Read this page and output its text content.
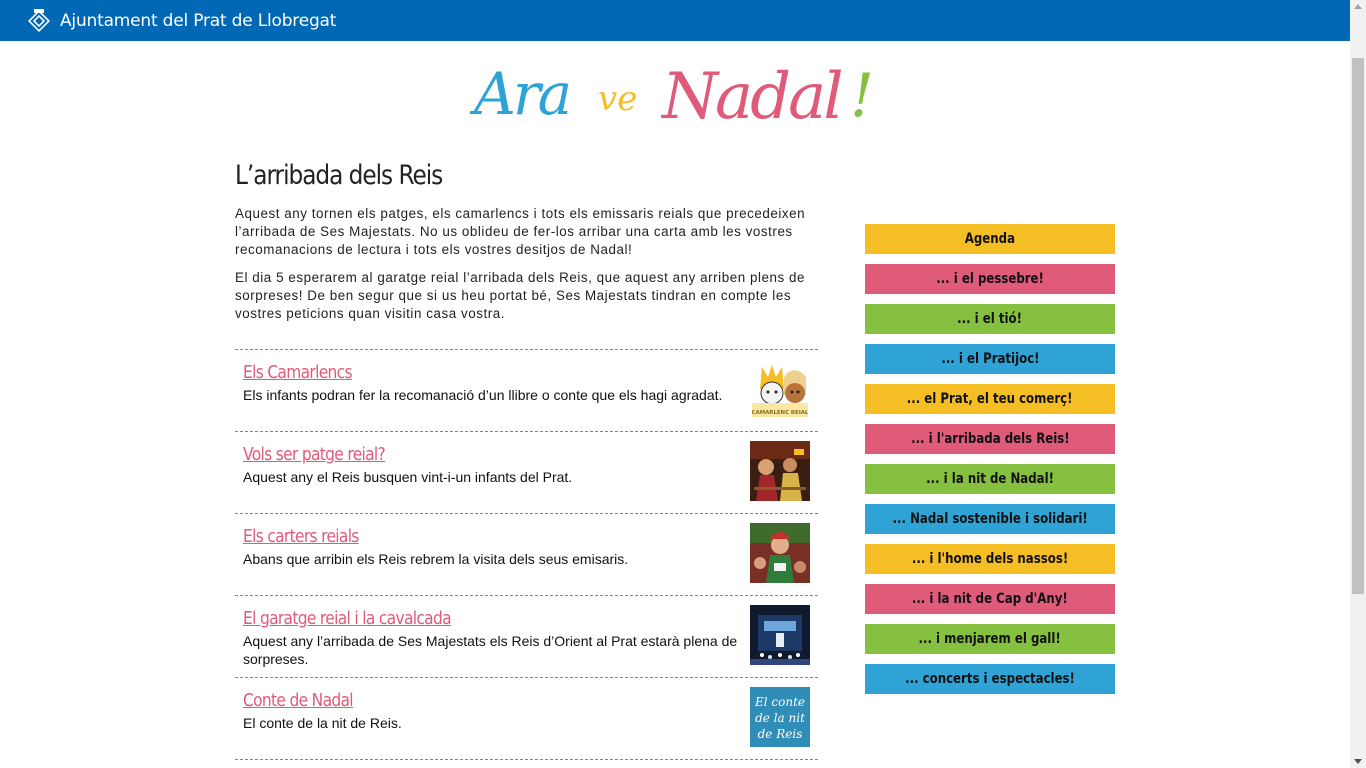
Ajuntament del Prat de Llobregat
Ara ve Nadal !
L’arribada dels Reis

Aquest any tornen els patges, els camarlencs i tots els emissaris reials que precedeixen l’arribada de Ses Majestats. No us oblideu de fer-los arribar una carta amb les vostres recomanacions de lectura i tots els vostres desitjos de Nadal!

El dia 5 esperarem al garatge reial l’arribada dels Reis, que aquest any arriben plens de sorpreses! De ben segur que si us heu portat bé, Ses Majestats tindran en compte les vostres peticions quan visitin casa vostra.

Els Camarlencs
Els infants podran fer la recomanació d’un llibre o conte que els hagi agradat.
CAMARLENC REIAL
Vols ser patge reial?
Aquest any el Reis busquen vint-i-un infants del Prat.
Els carters reials
Abans que arribin els Reis rebrem la visita dels seus emisaris.
El garatge reial i la cavalcada
Aquest any l’arribada de Ses Majestats els Reis d’Orient al Prat estarà plena de sorpreses.
Conte de Nadal
El conte de la nit de Reis.
El conte
de la nit
de Reis
Agenda
... i el pessebre!
... i el tió!
... i el Pratijoc!
... el Prat, el teu comerç!
... i l'arribada dels Reis!
... i la nit de Nadal!
... Nadal sostenible i solidari!
... i l'home dels nassos!
... i la nit de Cap d'Any!
... i menjarem el gall!
... concerts i espectacles!
